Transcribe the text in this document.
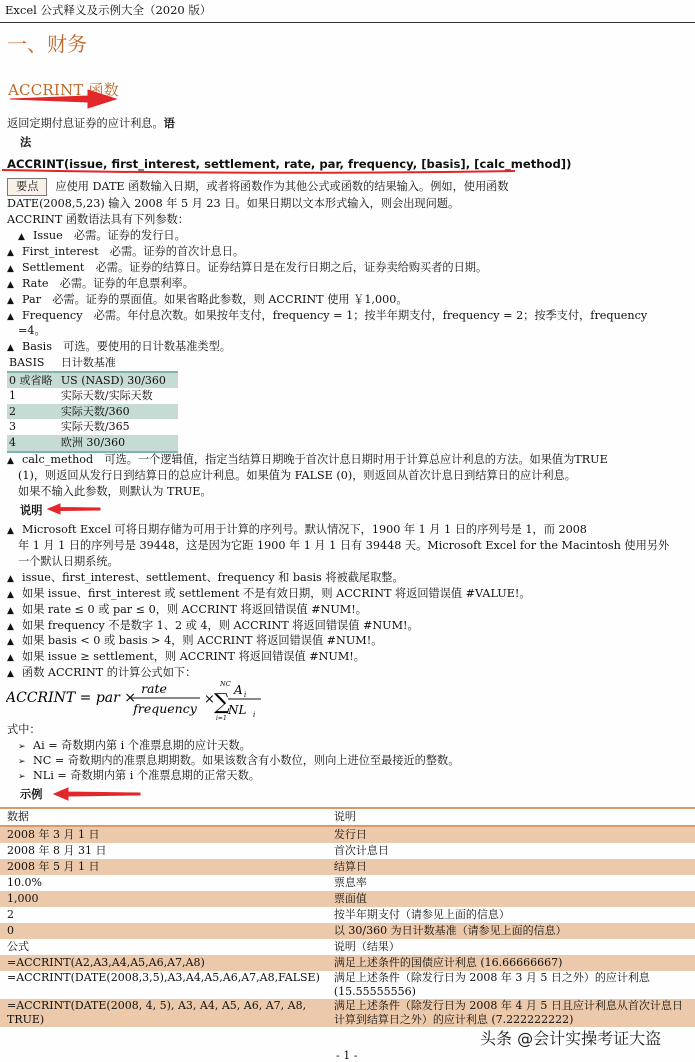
Excel 公式释义及示例大全（2020 版）
一、财务
ACCRINT 函数
返回定期付息证券的应计利息。语
法
ACCRINT(issue, first_interest, settlement, rate, par, frequency, [basis], [calc_method])
要点 应使用 DATE 函数输入日期，或者将函数作为其他公式或函数的结果输入。例如，使用函数
DATE(2008,5,23) 输入 2008 年 5 月 23 日。如果日期以文本形式输入，则会出现问题。
ACCRINT 函数语法具有下列参数：
▲ Issue　必需。证券的发行日。
▲ First_interest　必需。证券的首次计息日。
▲ Settlement　必需。证券的结算日。证券结算日是在发行日期之后，证券卖给购买者的日期。
▲ Rate　必需。证券的年息票利率。
▲ Par　必需。证券的票面值。如果省略此参数，则 ACCRINT 使用 ￥1,000。
▲ Frequency　必需。年付息次数。如果按年支付，frequency = 1；按半年期支付，frequency = 2；按季支付，frequency
=4。
▲ Basis　可选。要使用的日计数基准类型。
BASIS	日计数基准
0 或省略	US (NASD) 30/360
1	实际天数/实际天数
2	实际天数/360
3	实际天数/365
4	欧洲 30/360
▲ calc_method　可选。一个逻辑值，指定当结算日期晚于首次计息日期时用于计算总应计利息的方法。如果值为TRUE
(1)，则返回从发行日到结算日的总应计利息。如果值为 FALSE (0)，则返回从首次计息日到结算日的应计利息。
如果不输入此参数，则默认为 TRUE。
说明
▲ Microsoft Excel 可将日期存储为可用于计算的序列号。默认情况下，1900 年 1 月 1 日的序列号是 1，而 2008
年 1 月 1 日的序列号是 39448，这是因为它距 1900 年 1 月 1 日有 39448 天。Microsoft Excel for the Macintosh 使用另外
一个默认日期系统。
▲ issue、first_interest、settlement、frequency 和 basis 将被截尾取整。
▲ 如果 issue、first_interest 或 settlement 不是有效日期，则 ACCRINT 将返回错误值 #VALUE!。
▲ 如果 rate ≤ 0 或 par ≤ 0，则 ACCRINT 将返回错误值 #NUM!。
▲ 如果 frequency 不是数字 1、2 或 4，则 ACCRINT 将返回错误值 #NUM!。
▲ 如果 basis < 0 或 basis > 4，则 ACCRINT 将返回错误值 #NUM!。
▲ 如果 issue ≥ settlement，则 ACCRINT 将返回错误值 #NUM!。
▲ 函数 ACCRINT 的计算公式如下：
ACCRINT = par ×
rate
frequency
×
NC
∑
i=1
A i
NL i
式中：
➢ Ai = 奇数期内第 i 个准票息期的应计天数。
➢ NC = 奇数期内的准票息期期数。如果该数含有小数位，则向上进位至最接近的整数。
➢ NLi = 奇数期内第 i 个准票息期的正常天数。
示例
数据	说明
2008 年 3 月 1 日	发行日
2008 年 8 月 31 日	首次计息日
2008 年 5 月 1 日	结算日
10.0%	票息率
1,000	票面值
2	按半年期支付（请参见上面的信息）
0	以 30/360 为日计数基准（请参见上面的信息）
公式	说明（结果）
=ACCRINT(A2,A3,A4,A5,A6,A7,A8)	满足上述条件的国债应计利息 (16.66666667)
=ACCRINT(DATE(2008,3,5),A3,A4,A5,A6,A7,A8,FALSE)	满足上述条件（除发行日为 2008 年 3 月 5 日之外）的应计利息 (15.55555556)
=ACCRINT(DATE(2008, 4, 5), A3, A4, A5, A6, A7, A8, TRUE)	满足上述条件（除发行日为 2008 年 4 月 5 日且应计利息从首次计息日计算到结算日之外）的应计利息 (7.222222222)
头条 @会计实操考证大盗
- 1 -
